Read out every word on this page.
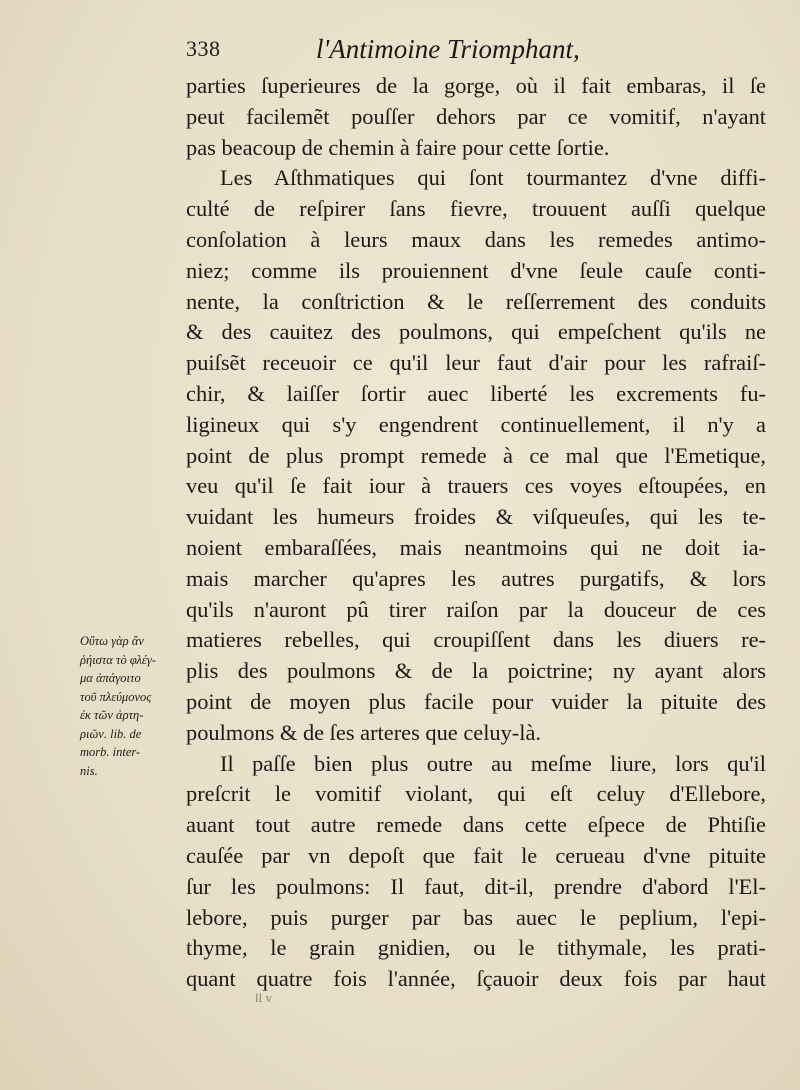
338	l'Antimoine Triomphant,
parties ſuperieures de la gorge, où il fait embaras, il ſe
peut facilemẽt pouſſer dehors par ce vomitif, n'ayant
pas beacoup de chemin à faire pour cette ſortie.
Les Aſthmatiques qui ſont tourmantez d'vne diffi-
culté de reſpirer ſans fievre, trouuent auſſi quelque
conſolation à leurs maux dans les remedes antimo-
niez; comme ils prouiennent d'vne ſeule cauſe conti-
nente, la conſtriction & le reſſerrement des conduits
& des cauitez des poulmons, qui empeſchent qu'ils ne
puiſsẽt receuoir ce qu'il leur faut d'air pour les rafraiſ-
chir, & laiſſer ſortir auec liberté les excrements fu-
ligineux qui s'y engendrent continuellement, il n'y a
point de plus prompt remede à ce mal que l'Emetique,
veu qu'il ſe fait iour à trauers ces voyes eſtoupées, en
vuidant les humeurs froides & viſqueuſes, qui les te-
noient embaraſſées, mais neantmoins qui ne doit ia-
mais marcher qu'apres les autres purgatifs, & lors
qu'ils n'auront pû tirer raiſon par la douceur de ces
matieres rebelles, qui croupiſſent dans les diuers re-
plis des poulmons & de la poictrine; ny ayant alors
point de moyen plus facile pour vuider la pituite des
poulmons & de ſes arteres que celuy-là.
Il paſſe bien plus outre au meſme liure, lors qu'il
preſcrit le vomitif violant, qui eſt celuy d'Ellebore,
auant tout autre remede dans cette eſpece de Phtiſie
cauſée par vn depoſt que fait le cerueau d'vne pituite
ſur les poulmons: Il faut, dit-il, prendre d'abord l'El-
lebore, puis purger par bas auec le peplium, l'epi-
thyme, le grain gnidien, ou le tithymale, les prati-
quant quatre fois l'année, ſçauoir deux fois par haut
Οὕτω γὰρ ἂν
ῥήιστα τὸ φλέγ-
μα ἀπάγοιτο
τοῦ πλεύμονος
ἐκ τῶν ἀρτη-
ριῶν. lib. de
morb. inter-
nis.
ll v
